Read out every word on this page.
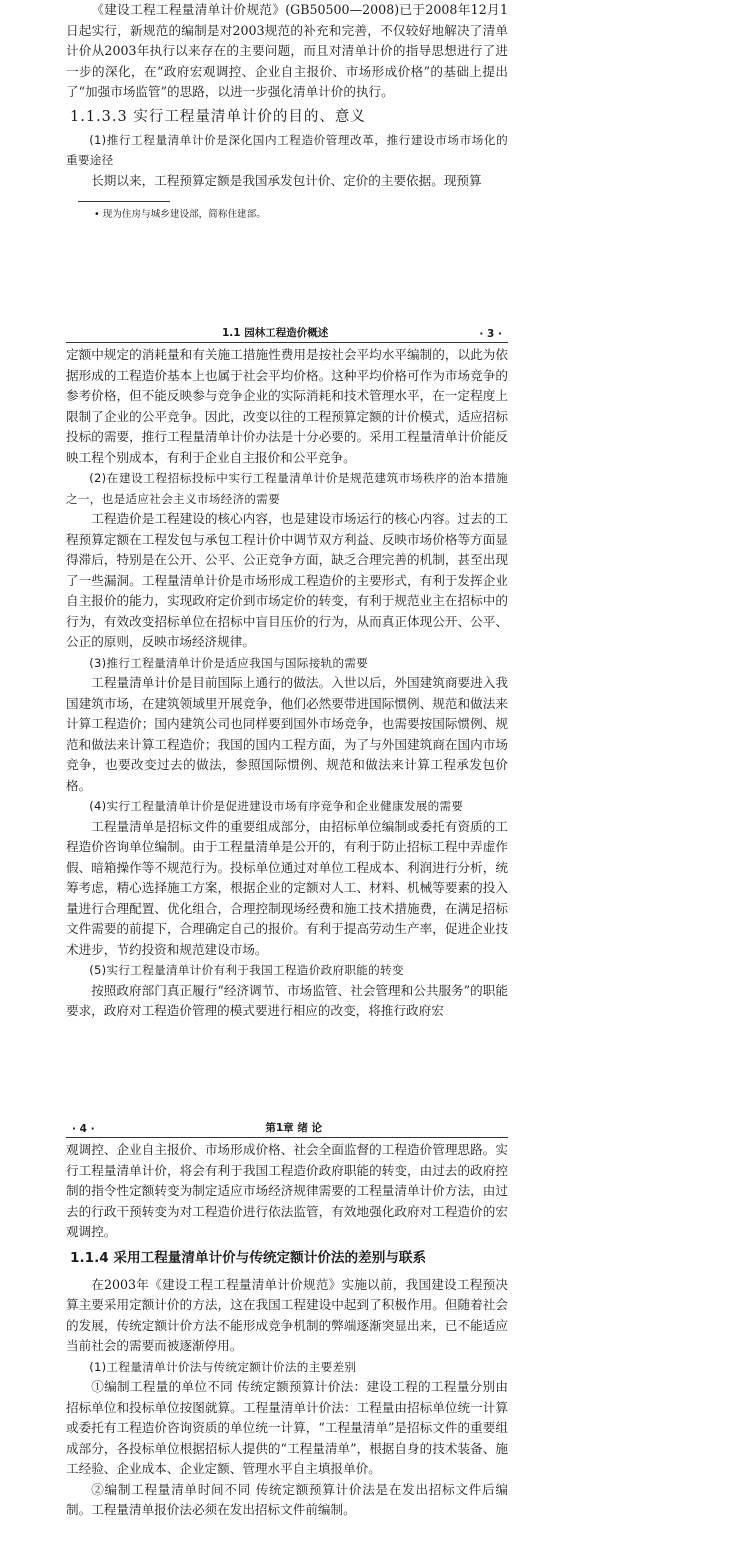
《建设工程工程量清单计价规范》(GB50500—2008)已于2008年12月1日起实行，新规范的编制是对2003规范的补充和完善，不仅较好地解决了清单计价从2003年执行以来存在的主要问题，而且对清单计价的指导思想进行了进一步的深化，在“政府宏观调控、企业自主报价、市场形成价格”的基础上提出了“加强市场监管”的思路，以进一步强化清单计价的执行。

1.1.3.3 实行工程量清单计价的目的、意义

(1)推行工程量清单计价是深化国内工程造价管理改革，推行建设市场市场化的重要途径

长期以来，工程预算定额是我国承发包计价、定价的主要依据。现预算

• 现为住房与城乡建设部，简称住建部。
1.1 园林工程造价概述	· 3 ·

定额中规定的消耗量和有关施工措施性费用是按社会平均水平编制的，以此为依据形成的工程造价基本上也属于社会平均价格。这种平均价格可作为市场竞争的参考价格，但不能反映参与竞争企业的实际消耗和技术管理水平，在一定程度上限制了企业的公平竞争。因此，改变以往的工程预算定额的计价模式，适应招标投标的需要，推行工程量清单计价办法是十分必要的。采用工程量清单计价能反映工程个别成本，有利于企业自主报价和公平竞争。

(2)在建设工程招标投标中实行工程量清单计价是规范建筑市场秩序的治本措施之一，也是适应社会主义市场经济的需要

工程造价是工程建设的核心内容，也是建设市场运行的核心内容。过去的工程预算定额在工程发包与承包工程计价中调节双方利益、反映市场价格等方面显得滞后，特别是在公开、公平、公正竞争方面，缺乏合理完善的机制，甚至出现了一些漏洞。工程量清单计价是市场形成工程造价的主要形式，有利于发挥企业自主报价的能力，实现政府定价到市场定价的转变，有利于规范业主在招标中的行为，有效改变招标单位在招标中盲目压价的行为，从而真正体现公开、公平、公正的原则，反映市场经济规律。

(3)推行工程量清单计价是适应我国与国际接轨的需要

工程量清单计价是目前国际上通行的做法。入世以后，外国建筑商要进入我国建筑市场，在建筑领域里开展竞争，他们必然要带进国际惯例、规范和做法来计算工程造价；国内建筑公司也同样要到国外市场竞争，也需要按国际惯例、规范和做法来计算工程造价；我国的国内工程方面，为了与外国建筑商在国内市场竞争，也要改变过去的做法，参照国际惯例、规范和做法来计算工程承发包价格。

(4)实行工程量清单计价是促进建设市场有序竞争和企业健康发展的需要

工程量清单是招标文件的重要组成部分，由招标单位编制或委托有资质的工程造价咨询单位编制。由于工程量清单是公开的，有利于防止招标工程中弄虚作假、暗箱操作等不规范行为。投标单位通过对单位工程成本、利润进行分析，统筹考虑，精心选择施工方案，根据企业的定额对人工、材料、机械等要素的投入量进行合理配置、优化组合，合理控制现场经费和施工技术措施费，在满足招标文件需要的前提下，合理确定自己的报价。有利于提高劳动生产率，促进企业技术进步，节约投资和规范建设市场。

(5)实行工程量清单计价有利于我国工程造价政府职能的转变

按照政府部门真正履行“经济调节、市场监管、社会管理和公共服务”的职能要求，政府对工程造价管理的模式要进行相应的改变，将推行政府宏

· 4 ·	第1章 绪 论

观调控、企业自主报价、市场形成价格、社会全面监督的工程造价管理思路。实行工程量清单计价，将会有利于我国工程造价政府职能的转变，由过去的政府控制的指令性定额转变为制定适应市场经济规律需要的工程量清单计价方法，由过去的行政干预转变为对工程造价进行依法监管，有效地强化政府对工程造价的宏观调控。

1.1.4 采用工程量清单计价与传统定额计价法的差别与联系

在2003年《建设工程工程量清单计价规范》实施以前，我国建设工程预决算主要采用定额计价的方法，这在我国工程建设中起到了积极作用。但随着社会的发展，传统定额计价方法不能形成竞争机制的弊端逐渐突显出来，已不能适应当前社会的需要而被逐渐停用。

(1)工程量清单计价法与传统定额计价法的主要差别

①编制工程量的单位不同 传统定额预算计价法：建设工程的工程量分别由招标单位和投标单位按图就算。工程量清单计价法：工程量由招标单位统一计算或委托有工程造价咨询资质的单位统一计算，“工程量清单”是招标文件的重要组成部分，各投标单位根据招标人提供的“工程量清单”，根据自身的技术装备、施工经验、企业成本、企业定额、管理水平自主填报单价。

②编制工程量清单时间不同 传统定额预算计价法是在发出招标文件后编制。工程量清单报价法必须在发出招标文件前编制。
